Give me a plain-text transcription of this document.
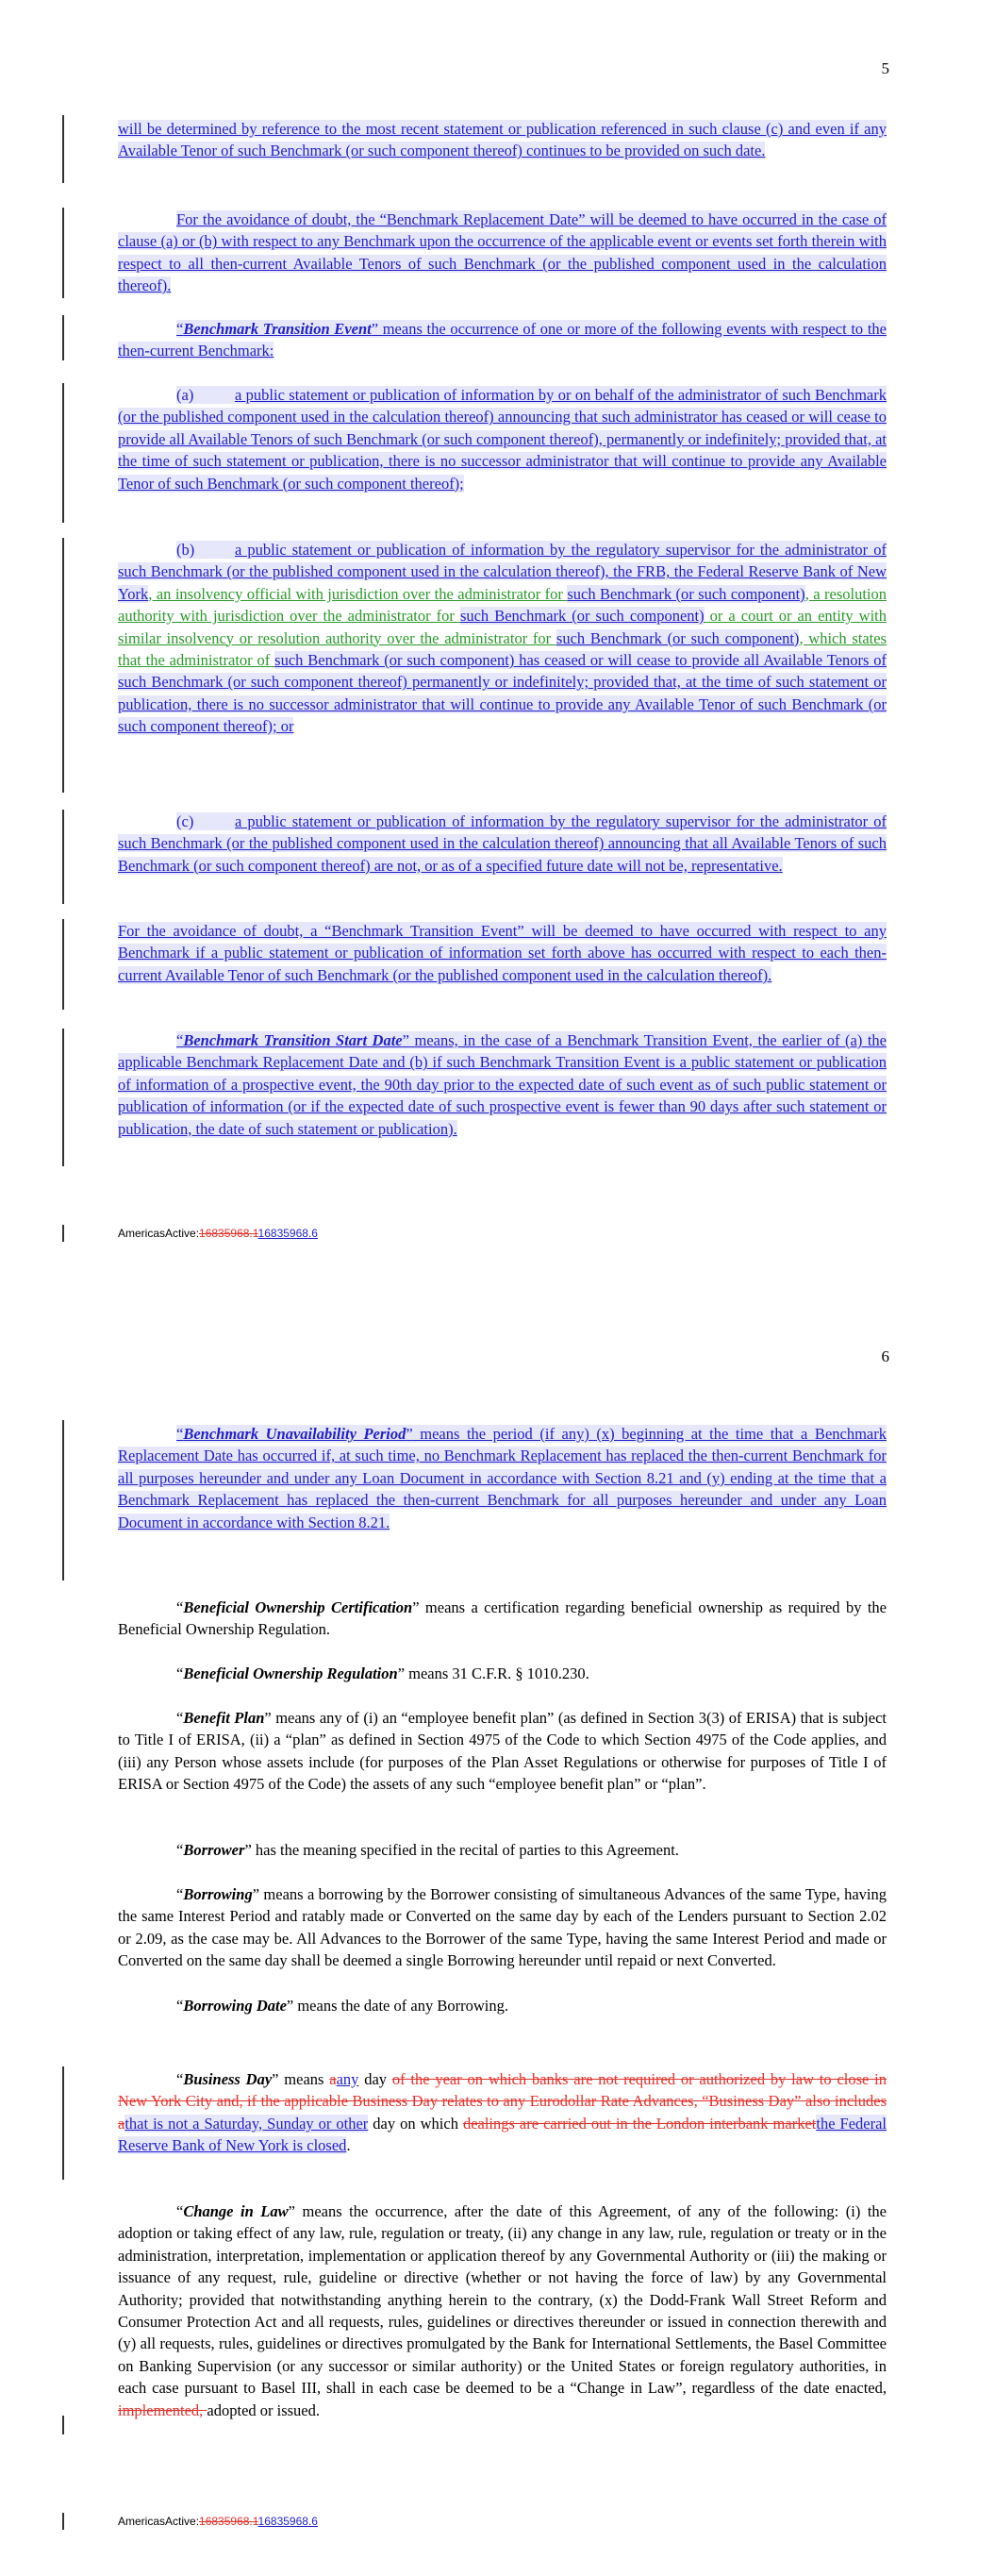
5

will be determined by reference to the most recent statement or publication referenced in such clause (c) and even if any Available Tenor of such Benchmark (or such component thereof) continues to be provided on such date.

For the avoidance of doubt, the “Benchmark Replacement Date” will be deemed to have occurred in the case of clause (a) or (b) with respect to any Benchmark upon the occurrence of the applicable event or events set forth therein with respect to all then-current Available Tenors of such Benchmark (or the published component used in the calculation thereof).

“Benchmark Transition Event” means the occurrence of one or more of the following events with respect to the then-current Benchmark:

(a)	a public statement or publication of information by or on behalf of the administrator of such Benchmark (or the published component used in the calculation thereof) announcing that such administrator has ceased or will cease to provide all Available Tenors of such Benchmark (or such component thereof), permanently or indefinitely; provided that, at the time of such statement or publication, there is no successor administrator that will continue to provide any Available Tenor of such Benchmark (or such component thereof);

(b)	a public statement or publication of information by the regulatory supervisor for the administrator of such Benchmark (or the published component used in the calculation thereof), the FRB, the Federal Reserve Bank of New York, an insolvency official with jurisdiction over the administrator for such Benchmark (or such component), a resolution authority with jurisdiction over the administrator for such Benchmark (or such component) or a court or an entity with similar insolvency or resolution authority over the administrator for such Benchmark (or such component), which states that the administrator of such Benchmark (or such component) has ceased or will cease to provide all Available Tenors of such Benchmark (or such component thereof) permanently or indefinitely; provided that, at the time of such statement or publication, there is no successor administrator that will continue to provide any Available Tenor of such Benchmark (or such component thereof); or

(c)	a public statement or publication of information by the regulatory supervisor for the administrator of such Benchmark (or the published component used in the calculation thereof) announcing that all Available Tenors of such Benchmark (or such component thereof) are not, or as of a specified future date will not be, representative.

For the avoidance of doubt, a “Benchmark Transition Event” will be deemed to have occurred with respect to any Benchmark if a public statement or publication of information set forth above has occurred with respect to each then-current Available Tenor of such Benchmark (or the published component used in the calculation thereof).

“Benchmark Transition Start Date” means, in the case of a Benchmark Transition Event, the earlier of (a) the applicable Benchmark Replacement Date and (b) if such Benchmark Transition Event is a public statement or publication of information of a prospective event, the 90th day prior to the expected date of such event as of such public statement or publication of information (or if the expected date of such prospective event is fewer than 90 days after such statement or publication, the date of such statement or publication).

AmericasActive:16835968.116835968.6
6

“Benchmark Unavailability Period” means the period (if any) (x) beginning at the time that a Benchmark Replacement Date has occurred if, at such time, no Benchmark Replacement has replaced the then-current Benchmark for all purposes hereunder and under any Loan Document in accordance with Section 8.21 and (y) ending at the time that a Benchmark Replacement has replaced the then-current Benchmark for all purposes hereunder and under any Loan Document in accordance with Section 8.21.

“Beneficial Ownership Certification” means a certification regarding beneficial ownership as required by the Beneficial Ownership Regulation.

“Beneficial Ownership Regulation” means 31 C.F.R. § 1010.230.

“Benefit Plan” means any of (i) an “employee benefit plan” (as defined in Section 3(3) of ERISA) that is subject to Title I of ERISA, (ii) a “plan” as defined in Section 4975 of the Code to which Section 4975 of the Code applies, and (iii) any Person whose assets include (for purposes of the Plan Asset Regulations or otherwise for purposes of Title I of ERISA or Section 4975 of the Code) the assets of any such “employee benefit plan” or “plan”.

“Borrower” has the meaning specified in the recital of parties to this Agreement.

“Borrowing” means a borrowing by the Borrower consisting of simultaneous Advances of the same Type, having the same Interest Period and ratably made or Converted on the same day by each of the Lenders pursuant to Section 2.02 or 2.09, as the case may be. All Advances to the Borrower of the same Type, having the same Interest Period and made or Converted on the same day shall be deemed a single Borrowing hereunder until repaid or next Converted.

“Borrowing Date” means the date of any Borrowing.

“Business Day” means aany day of the year on which banks are not required or authorized by law to close in New York City and, if the applicable Business Day relates to any Eurodollar Rate Advances, “Business Day” also includes athat is not a Saturday, Sunday or other day on which dealings are carried out in the London interbank marketthe Federal Reserve Bank of New York is closed.

“Change in Law” means the occurrence, after the date of this Agreement, of any of the following: (i) the adoption or taking effect of any law, rule, regulation or treaty, (ii) any change in any law, rule, regulation or treaty or in the administration, interpretation, implementation or application thereof by any Governmental Authority or (iii) the making or issuance of any request, rule, guideline or directive (whether or not having the force of law) by any Governmental Authority; provided that notwithstanding anything herein to the contrary, (x) the Dodd-Frank Wall Street Reform and Consumer Protection Act and all requests, rules, guidelines or directives thereunder or issued in connection therewith and (y) all requests, rules, guidelines or directives promulgated by the Bank for International Settlements, the Basel Committee on Banking Supervision (or any successor or similar authority) or the United States or foreign regulatory authorities, in each case pursuant to Basel III, shall in each case be deemed to be a “Change in Law”, regardless of the date enacted, implemented, adopted or issued.

AmericasActive:16835968.116835968.6
